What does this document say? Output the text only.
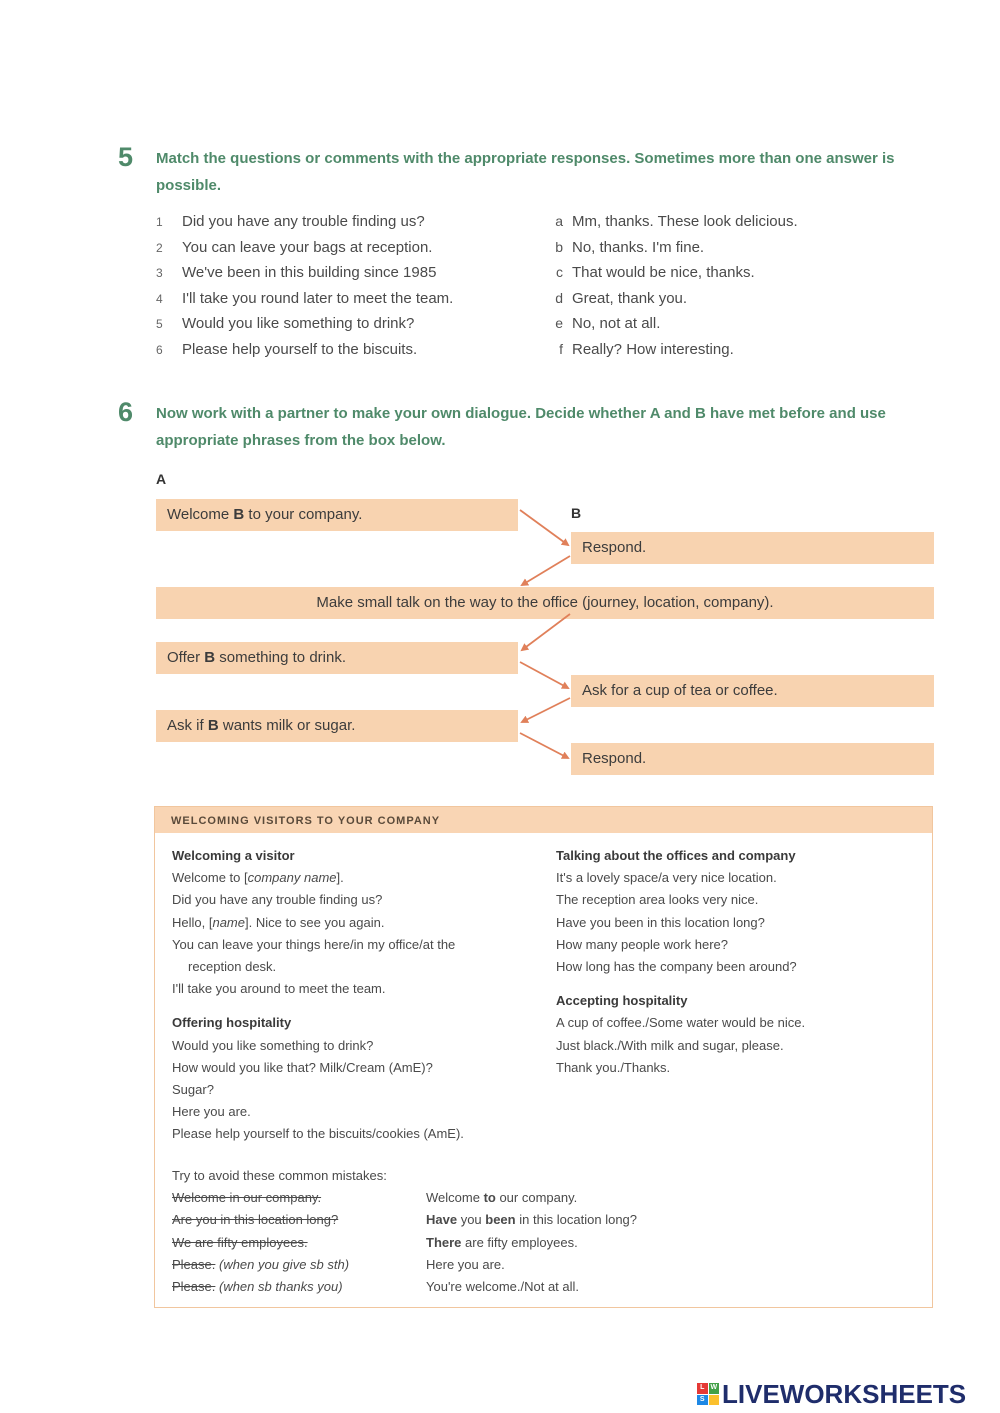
5 Match the questions or comments with the appropriate responses. Sometimes more than one answer is possible.
1 Did you have any trouble finding us?
2 You can leave your bags at reception.
3 We've been in this building since 1985
4 I'll take you round later to meet the team.
5 Would you like something to drink?
6 Please help yourself to the biscuits.
a Mm, thanks. These look delicious.
b No, thanks. I'm fine.
c That would be nice, thanks.
d Great, thank you.
e No, not at all.
f Really? How interesting.
6 Now work with a partner to make your own dialogue. Decide whether A and B have met before and use appropriate phrases from the box below.
A
B
Welcome B to your company.
Respond.
Make small talk on the way to the office (journey, location, company).
Offer B something to drink.
Ask for a cup of tea or coffee.
Ask if B wants milk or sugar.
Respond.
WELCOMING VISITORS TO YOUR COMPANY
Welcoming a visitor
Welcome to [company name].
Did you have any trouble finding us?
Hello, [name]. Nice to see you again.
You can leave your things here/in my office/at the
reception desk.
I'll take you around to meet the team.
Offering hospitality
Would you like something to drink?
How would you like that? Milk/Cream (AmE)?
Sugar?
Here you are.
Please help yourself to the biscuits/cookies (AmE).
Talking about the offices and company
It's a lovely space/a very nice location.
The reception area looks very nice.
Have you been in this location long?
How many people work here?
How long has the company been around?
Accepting hospitality
A cup of coffee./Some water would be nice.
Just black./With milk and sugar, please.
Thank you./Thanks.
Try to avoid these common mistakes:
Welcome in our company.	Welcome to our company.
Are you in this location long?	Have you been in this location long?
We are fifty employees.	There are fifty employees.
Please. (when you give sb sth)	Here you are.
Please. (when sb thanks you)	You're welcome./Not at all.
L W
S LIVEWORKSHEETS
